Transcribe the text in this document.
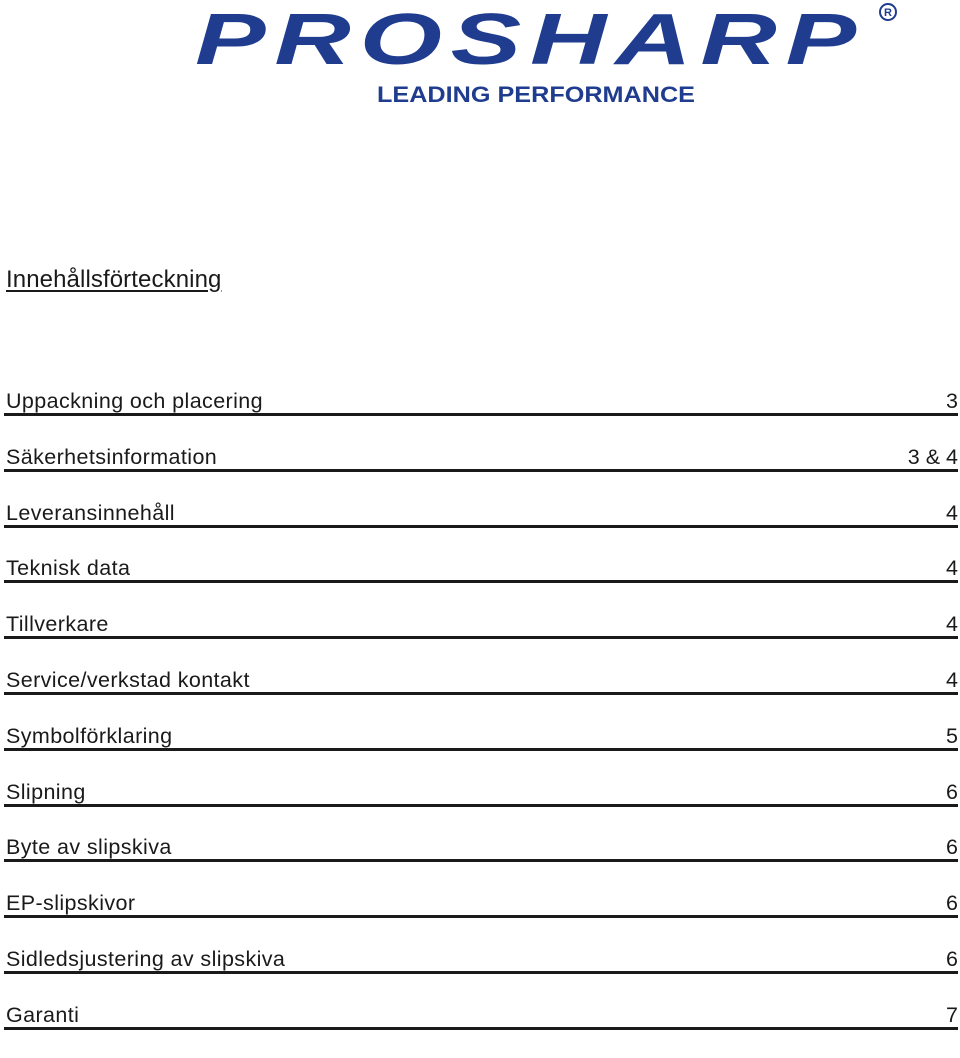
PROSHARP R
LEADING PERFORMANCE
Innehållsförteckning
Uppackning och placering	3
Säkerhetsinformation	3 & 4
Leveransinnehåll	4
Teknisk data	4
Tillverkare	4
Service/verkstad kontakt	4
Symbolförklaring	5
Slipning	6
Byte av slipskiva	6
EP-slipskivor	6
Sidledsjustering av slipskiva	6
Garanti	7
